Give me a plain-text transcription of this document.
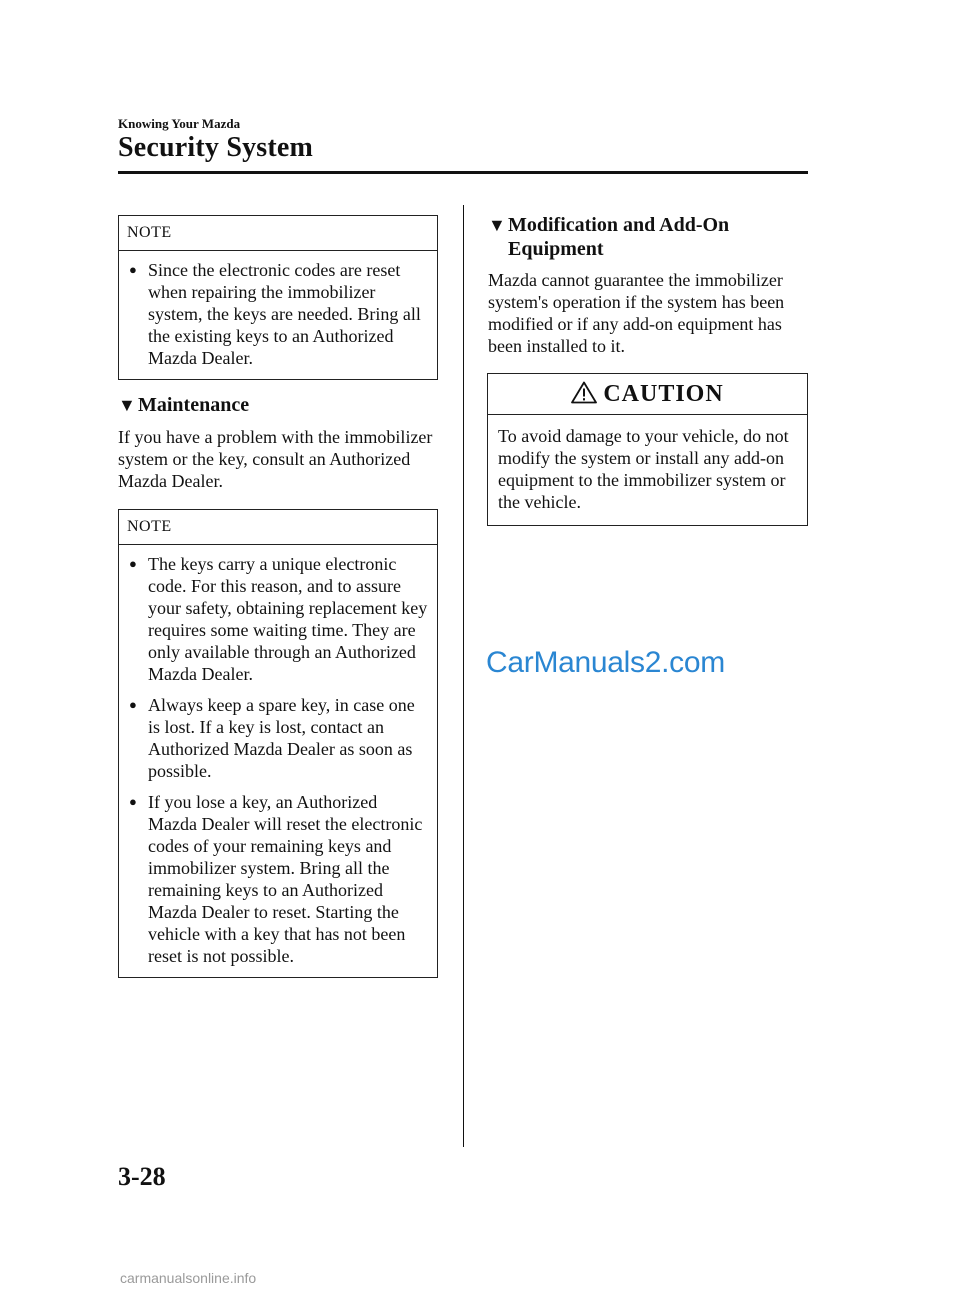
Knowing Your Mazda
Security System
NOTE
● Since the electronic codes are reset when repairing the immobilizer system, the keys are needed. Bring all the existing keys to an Authorized Mazda Dealer.
▼ Maintenance
If you have a problem with the immobilizer system or the key, consult an Authorized Mazda Dealer.
NOTE
● The keys carry a unique electronic code. For this reason, and to assure your safety, obtaining replacement key requires some waiting time. They are only available through an Authorized Mazda Dealer.
● Always keep a spare key, in case one is lost. If a key is lost, contact an Authorized Mazda Dealer as soon as possible.
● If you lose a key, an Authorized Mazda Dealer will reset the electronic codes of your remaining keys and immobilizer system. Bring all the remaining keys to an Authorized Mazda Dealer to reset. Starting the vehicle with a key that has not been reset is not possible.
▼ Modification and Add-On
Equipment
Mazda cannot guarantee the immobilizer system's operation if the system has been modified or if any add-on equipment has been installed to it.
CAUTION
To avoid damage to your vehicle, do not modify the system or install any add-on equipment to the immobilizer system or the vehicle.
CarManuals2.com
3-28
carmanualsonline.info
